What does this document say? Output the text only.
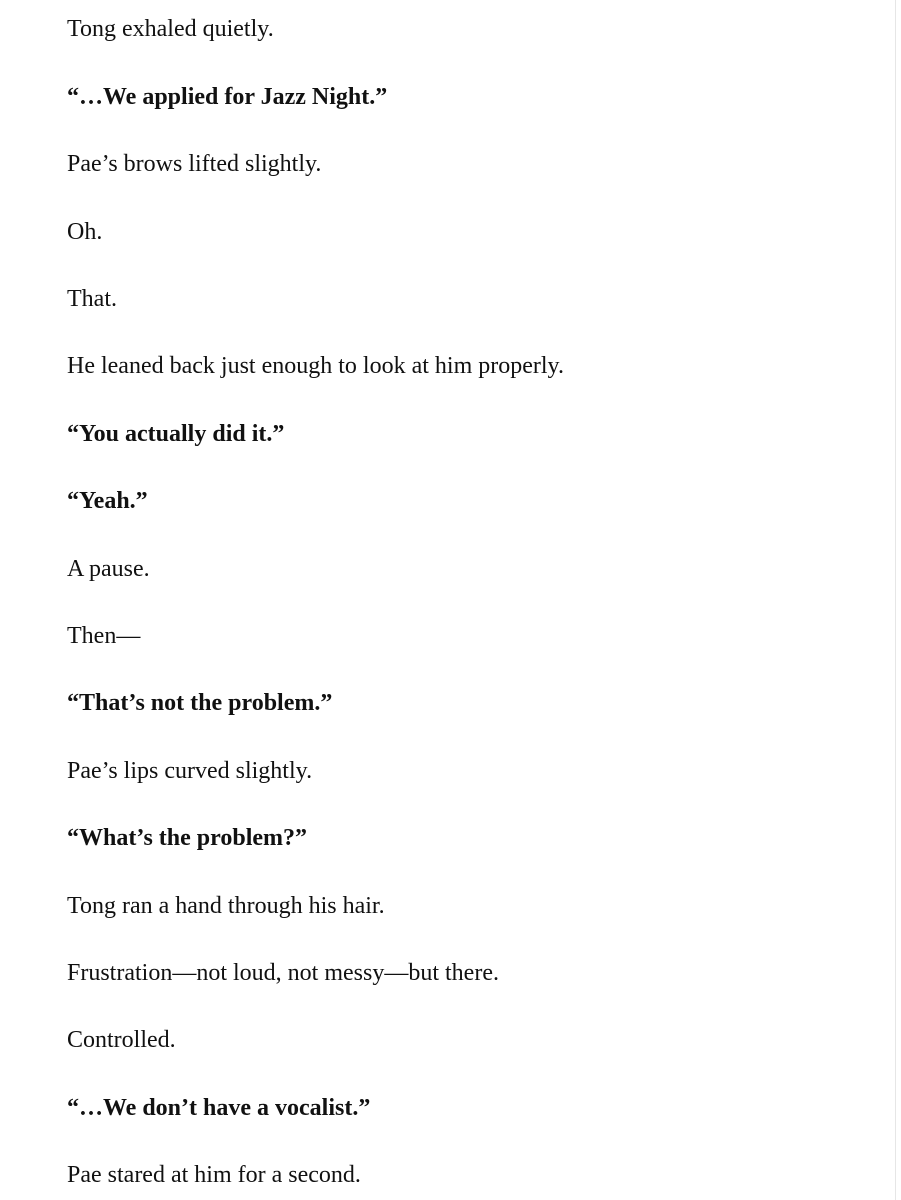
Tong exhaled quietly.

“…We applied for Jazz Night.”

Pae’s brows lifted slightly.

Oh.

That.

He leaned back just enough to look at him properly.

“You actually did it.”

“Yeah.”

A pause.

Then—

“That’s not the problem.”

Pae’s lips curved slightly.

“What’s the problem?”

Tong ran a hand through his hair.

Frustration—not loud, not messy—but there.

Controlled.

“…We don’t have a vocalist.”

Pae stared at him for a second.
